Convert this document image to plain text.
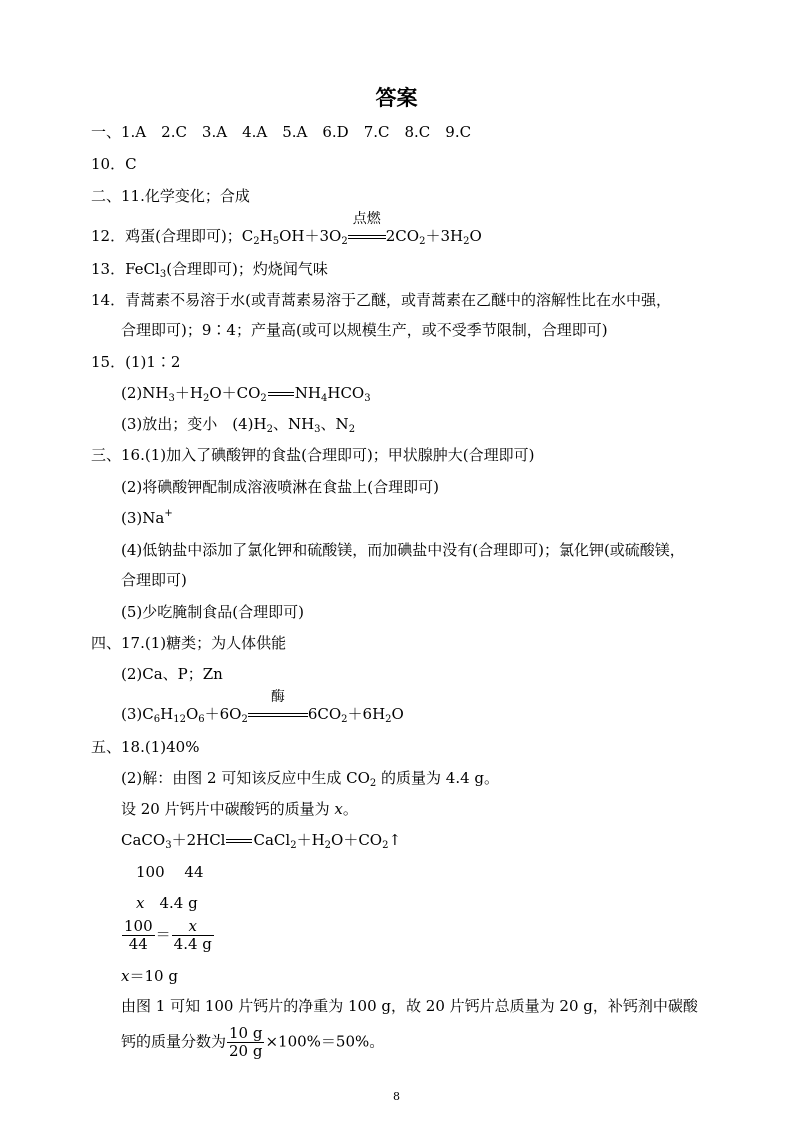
答案
一、1.A　2.C　3.A　4.A　5.A　6.D　7.C　8.C　9.C
10．C
二、11.化学变化；合成
12．鸡蛋(合理即可)；$C_2H_5OH+3O_2$
点燃
$2CO_2+3H_2O$
13．FeCl$_3$(合理即可)；灼烧闻气味
14．青蒿素不易溶于水(或青蒿素易溶于乙醚，或青蒿素在乙醚中的溶解性比在水中强，
合理即可)；9∶4；产量高(或可以规模生产，或不受季节限制，合理即可)
15．(1)1∶2
$(2)NH_3+H_2O+CO_2$ $NH_4HCO_3$
(3)放出；变小　$(4)H_2$、$NH_3$、$N_2$
三、16.(1)加入了碘酸钾的食盐(合理即可)；甲状腺肿大(合理即可)
(2)将碘酸钾配制成溶液喷淋在食盐上(合理即可)
(3)Na+
(4)低钠盐中添加了氯化钾和硫酸镁，而加碘盐中没有(合理即可)；氯化钾(或硫酸镁，
合理即可)
(5)少吃腌制食品(合理即可)
四、17.(1)糖类；为人体供能
(2)Ca、P；Zn
$(3)C_6H_{12}O_6+6O_2$
酶
$6CO_2+6H_2O$
五、18.(1)40%
(2)解：由图 2 可知该反应中生成 $CO_2$ 的质量为 4.4 g。
设 20 片钙片中碳酸钙的质量为 x。
CaCO$_3$＋2HCl $CaCl_2+H_2O+CO_2↑$
100　 44
x　4.4 g
$\frac{100}{44} = \frac{x}{4.4 g}$
x＝10 g
由图 1 可知 100 片钙片的净重为 100 g，故 20 片钙片总质量为 20 g，补钙剂中碳酸
钙的质量分数为 $\frac{10 g}{20 g} \times 100\%=50\%$。
8
